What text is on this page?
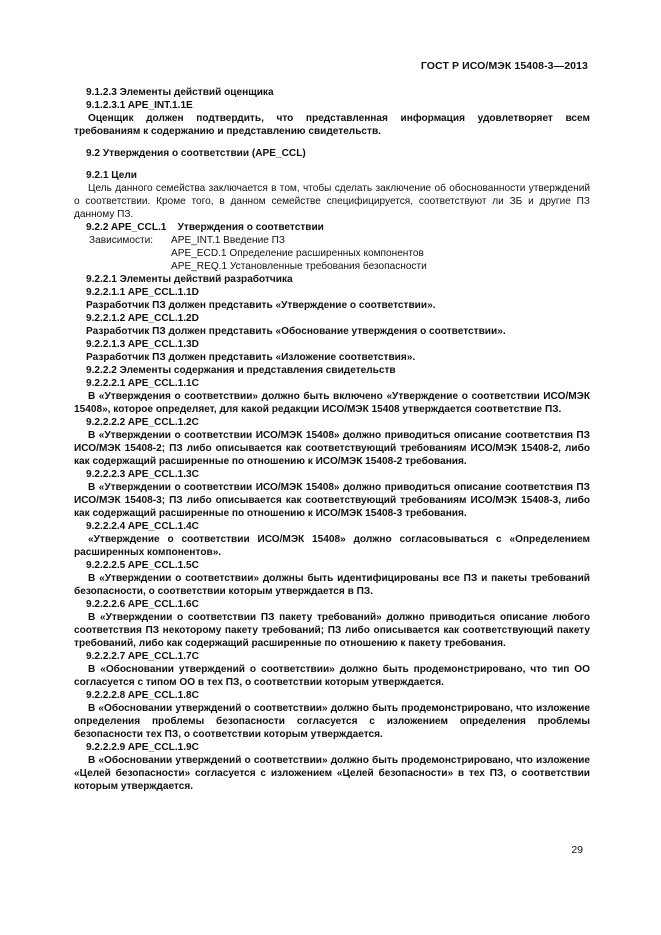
ГОСТ Р ИСО/МЭК 15408-3—2013

9.1.2.3 Элементы действий оценщика

9.1.2.3.1 APE_INT.1.1E

Оценщик должен подтвердить, что представленная информация удовлетворяет всем требованиям к содержанию и представлению свидетельств.

9.2 Утверждения о соответствии (APE_CCL)

9.2.1 Цели

Цель данного семейства заключается в том, чтобы сделать заключение об обоснованности утверждений о соответствии. Кроме того, в данном семействе специфицируется, соответствуют ли ЗБ и другие ПЗ данному ПЗ.

9.2.2 APE_CCL.1    Утверждения о соответствии

Зависимости:	APE_INT.1 Введение ПЗ
APE_ECD.1 Определение расширенных компонентов
APE_REQ.1 Установленные требования безопасности

9.2.2.1 Элементы действий разработчика

9.2.2.1.1 APE_CCL.1.1D

Разработчик ПЗ должен представить «Утверждение о соответствии».

9.2.2.1.2 APE_CCL.1.2D

Разработчик ПЗ должен представить «Обоснование утверждения о соответствии».

9.2.2.1.3 APE_CCL.1.3D

Разработчик ПЗ должен представить «Изложение соответствия».

9.2.2.2 Элементы содержания и представления свидетельств

9.2.2.2.1 APE_CCL.1.1C

В «Утверждения о соответствии» должно быть включено «Утверждение о соответствии ИСО/МЭК 15408», которое определяет, для какой редакции ИСО/МЭК 15408 утверждается соответствие ПЗ.

9.2.2.2.2 APE_CCL.1.2C

В «Утверждении о соответствии ИСО/МЭК 15408» должно приводиться описание соответствия ПЗ ИСО/МЭК 15408-2; ПЗ либо описывается как соответствующий требованиям ИСО/МЭК 15408-2, либо как содержащий расширенные по отношению к ИСО/МЭК 15408-2 требования.

9.2.2.2.3 APE_CCL.1.3C

В «Утверждении о соответствии ИСО/МЭК 15408» должно приводиться описание соответствия ПЗ ИСО/МЭК 15408-3; ПЗ либо описывается как соответствующий требованиям ИСО/МЭК 15408-3, либо как содержащий расширенные по отношению к ИСО/МЭК 15408-3 требования.

9.2.2.2.4 APE_CCL.1.4C

«Утверждение о соответствии ИСО/МЭК 15408» должно согласовываться с «Определением расширенных компонентов».

9.2.2.2.5 APE_CCL.1.5C

В «Утверждении о соответствии» должны быть идентифицированы все ПЗ и пакеты требований безопасности, о соответствии которым утверждается в ПЗ.

9.2.2.2.6 APE_CCL.1.6C

В «Утверждении о соответствии ПЗ пакету требований» должно приводиться описание любого соответствия ПЗ некоторому пакету требований; ПЗ либо описывается как соответствующий пакету требований, либо как содержащий расширенные по отношению к пакету требования.

9.2.2.2.7 APE_CCL.1.7C

В «Обосновании утверждений о соответствии» должно быть продемонстрировано, что тип ОО согласуется с типом ОО в тех ПЗ, о соответствии которым утверждается.

9.2.2.2.8 APE_CCL.1.8C

В «Обосновании утверждений о соответствии» должно быть продемонстрировано, что изложение определения проблемы безопасности согласуется с изложением определения проблемы безопасности тех ПЗ, о соответствии которым утверждается.

9.2.2.2.9 APE_CCL.1.9C

В «Обосновании утверждений о соответствии» должно быть продемонстрировано, что изложение «Целей безопасности» согласуется с изложением «Целей безопасности» в тех ПЗ, о соответствии которым утверждается.

29
